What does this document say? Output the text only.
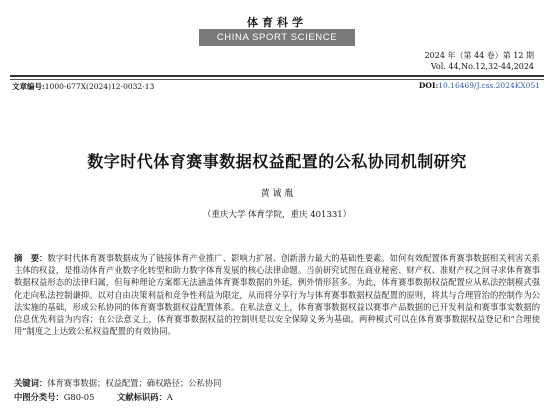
体育科学
CHINA SPORT SCIENCE
2024 年（第 44 卷）第 12 期
Vol. 44,No.12,32-44,2024
文章编号:1000-677X(2024)12-0032-13	DOI:10.16469/J.css.2024KX051
数字时代体育赛事数据权益配置的公私协同机制研究
黄 诚 胤
（重庆大学 体育学院，重庆 401331）

摘　要：数字时代体育赛事数据成为了链接体育产业推广、影响力扩展、创新潜力最大的基础性要素。如何有效配置体育赛事数据相关利害关系主体的权益，是推动体育产业数字化转型和助力数字体育发展的核心法律命题。当前研究试图在商业秘密、财产权、准财产权之间寻求体育赛事数据权益形态的法律归属，但每种理论方案都无法涵盖体育赛事数据的外延，例外情形甚多。为此，体育赛事数据权益配置应从私法控制模式强化走向私法控制谦抑。以对自由决策利益和竞争性利益为限定，从而将分享行为与体育赛事数据权益配置的原则，将其与合理管治的控制作为公法实施的基础，形成公私协同的体育赛事数据权益配置体系。在私法意义上，体育赛事数据权益以赛事产品数据的已开发利益和赛事事实数据的信息优先利益为内容；在公法意义上，体育赛事数据权益的控制则是以安全保障义务为基础。两种模式可以在体育赛事数据权益登记和“合理使用”制度之上达致公私权益配置的有效协同。

关键词：体育赛事数据；权益配置；确权路径；公私协同
中图分类号：G80-05	文献标识码：A
